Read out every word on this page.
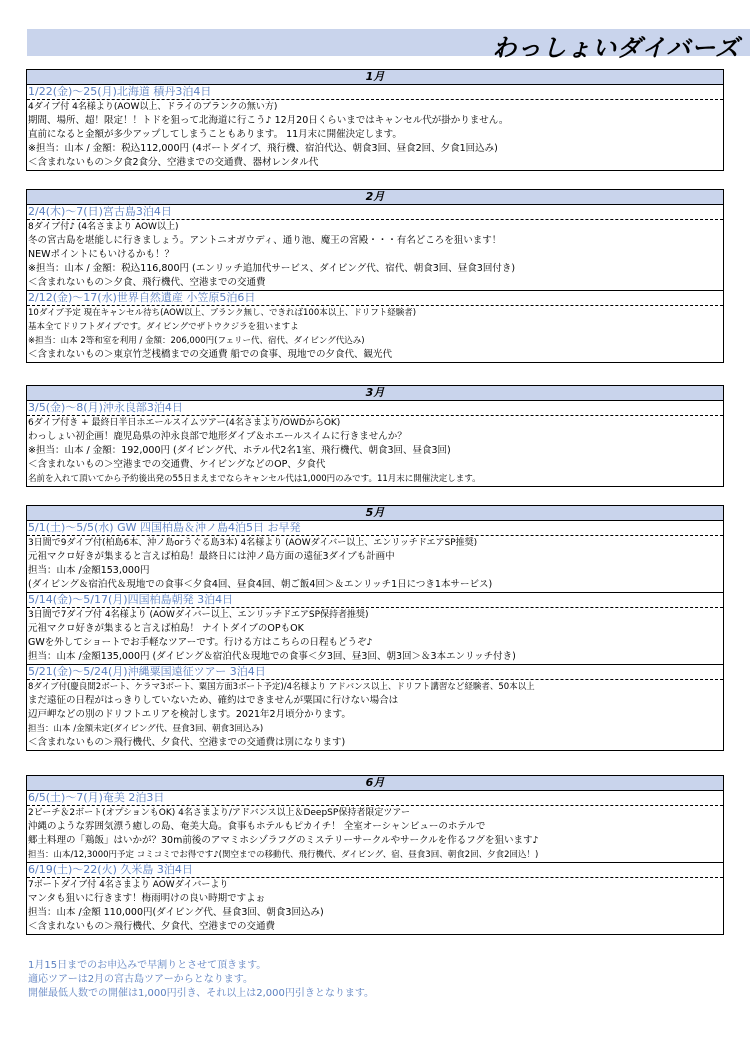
わっしょいダイバーズ
1月
1/22(金)～25(月)北海道 積丹3泊4日
4ダイブ付 4名様より(AOW以上、ドライのブランクの無い方)
期間、場所、超！限定！！トドを狙って北海道に行こう♪ 12月20日くらいまではキャンセル代が掛かりません。
直前になると金額が多少アップしてしまうこともあります。 11月末に開催決定します。
※担当：山本 / 金額：税込112,000円 (4ボートダイブ、飛行機、宿泊代込、朝食3回、昼食2回、夕食1回込み)
＜含まれないもの＞夕食2食分、空港までの交通費、器材レンタル代
2月
2/4(木)～7(日)宮古島3泊4日
8ダイブ付♪ (4名さまより AOW以上)
冬の宮古島を堪能しに行きましょう。アントニオガウディ、通り池、魔王の宮殿・・・有名どころを狙います！
NEWポイントにもいけるかも！？
※担当：山本 / 金額：税込116,800円 (エンリッチ追加代サービス、ダイビング代、宿代、朝食3回、昼食3回付き)
＜含まれないもの＞夕食、飛行機代、空港までの交通費
2/12(金)～17(水)世界自然遺産 小笠原5泊6日
10ダイブ予定 現在キャンセル待ち(AOW以上、ブランク無し、できれば100本以上、ドリフト経験者)
基本全てドリフトダイブです。ダイビングでザトウクジラを狙いますよ
※担当：山本 2等和室を利用 / 金額：206,000円(フェリー代、宿代、ダイビング代込み)
＜含まれないもの＞東京竹芝桟橋までの交通費 船での食事、現地での夕食代、観光代
3月
3/5(金)～8(月)沖永良部3泊4日
6ダイブ付き + 最終日半日ホエールスイムツアー(4名さまより/OWDからOK)
わっしょい初企画！鹿児島県の沖永良部で地形ダイブ＆ホエールスイムに行きませんか？
※担当：山本 / 金額：192,000円 (ダイビング代、ホテル代2名1室、飛行機代、朝食3回、昼食3回)
＜含まれないもの＞空港までの交通費、ケイビングなどのOP、夕食代
名前を入れて頂いてから予約後出発の55日まえまでならキャンセル代は1,000円のみです。11月末に開催決定します。
5月
5/1(土)～5/5(水) GW 四国柏島＆沖ノ島4泊5日 お早発
3日間で9ダイブ付(柏島6本、沖ノ島orうぐる島3本) 4名様より (AOWダイバー以上、エンリッチドエアSP推奨)
元祖マクロ好きが集まると言えば柏島！最終日には沖ノ島方面の遠征3ダイブも計画中
担当：山本 /金額153,000円
(ダイビング＆宿泊代＆現地での食事＜夕食4回、昼食4回、朝ご飯4回＞＆エンリッチ1日につき1本サービス)
5/14(金)～5/17(月)四国柏島朝発 3泊4日
3日間で7ダイブ付 4名様より (AOWダイバー以上、エンリッチドエアSP保持者推奨)
元祖マクロ好きが集まると言えば柏島！ ナイトダイブのOPもOK
GWを外してショートでお手軽なツアーです。行ける方はこちらの日程もどうぞ♪
担当：山本 /金額135,000円 (ダイビング＆宿泊代＆現地での食事＜夕3回、昼3回、朝3回＞＆3本エンリッチ付き)
5/21(金)～5/24(月)沖縄粟国遠征ツアー 3泊4日
8ダイブ付(慶良間2ボート、ケラマ3ボート、粟国方面3ボート予定)/4名様より アドバンス以上、ドリフト講習など経験者、50本以上
まだ遠征の日程がはっきりしていないため、確約はできませんが粟国に行けない場合は
辺戸岬などの別のドリフトエリアを検討します。2021年2月頃分かります。
担当：山本 /金額未定(ダイビング代、昼食3回、朝食3回込み)
＜含まれないもの＞飛行機代、夕食代、空港までの交通費は別になります)
6月
6/5(土)～7(月)奄美 2泊3日
2ビーチ＆2ボート(オプションもOK) 4名さまより/アドバンス以上＆DeepSP保持者限定ツアー
沖縄のような雰囲気漂う癒しの島、奄美大島。食事もホテルもピカイチ！ 全室オーシャンビューのホテルで
郷土料理の「鶏飯」はいかが？30m前後のアマミホシゾラフグのミステリーサークルやサークルを作るフグを狙います♪
担当：山本/12,3000円予定 コミコミでお得です♪(関空までの移動代、飛行機代、ダイビング、宿、昼食3回、朝食2回、夕食2回込！)
6/19(土)～22(火) 久米島 3泊4日
7ボートダイブ付 4名さまより AOWダイバーより
マンタも狙いに行きます！梅雨明けの良い時期ですよぉ
担当：山本 /金額 110,000円(ダイビング代、昼食3回、朝食3回込み)
＜含まれないもの＞飛行機代、夕食代、空港までの交通費
1月15日までのお申込みで早割りとさせて頂きます。
適応ツアーは2月の宮古島ツアーからとなります。
開催最低人数での開催は1,000円引き、それ以上は2,000円引きとなります。
